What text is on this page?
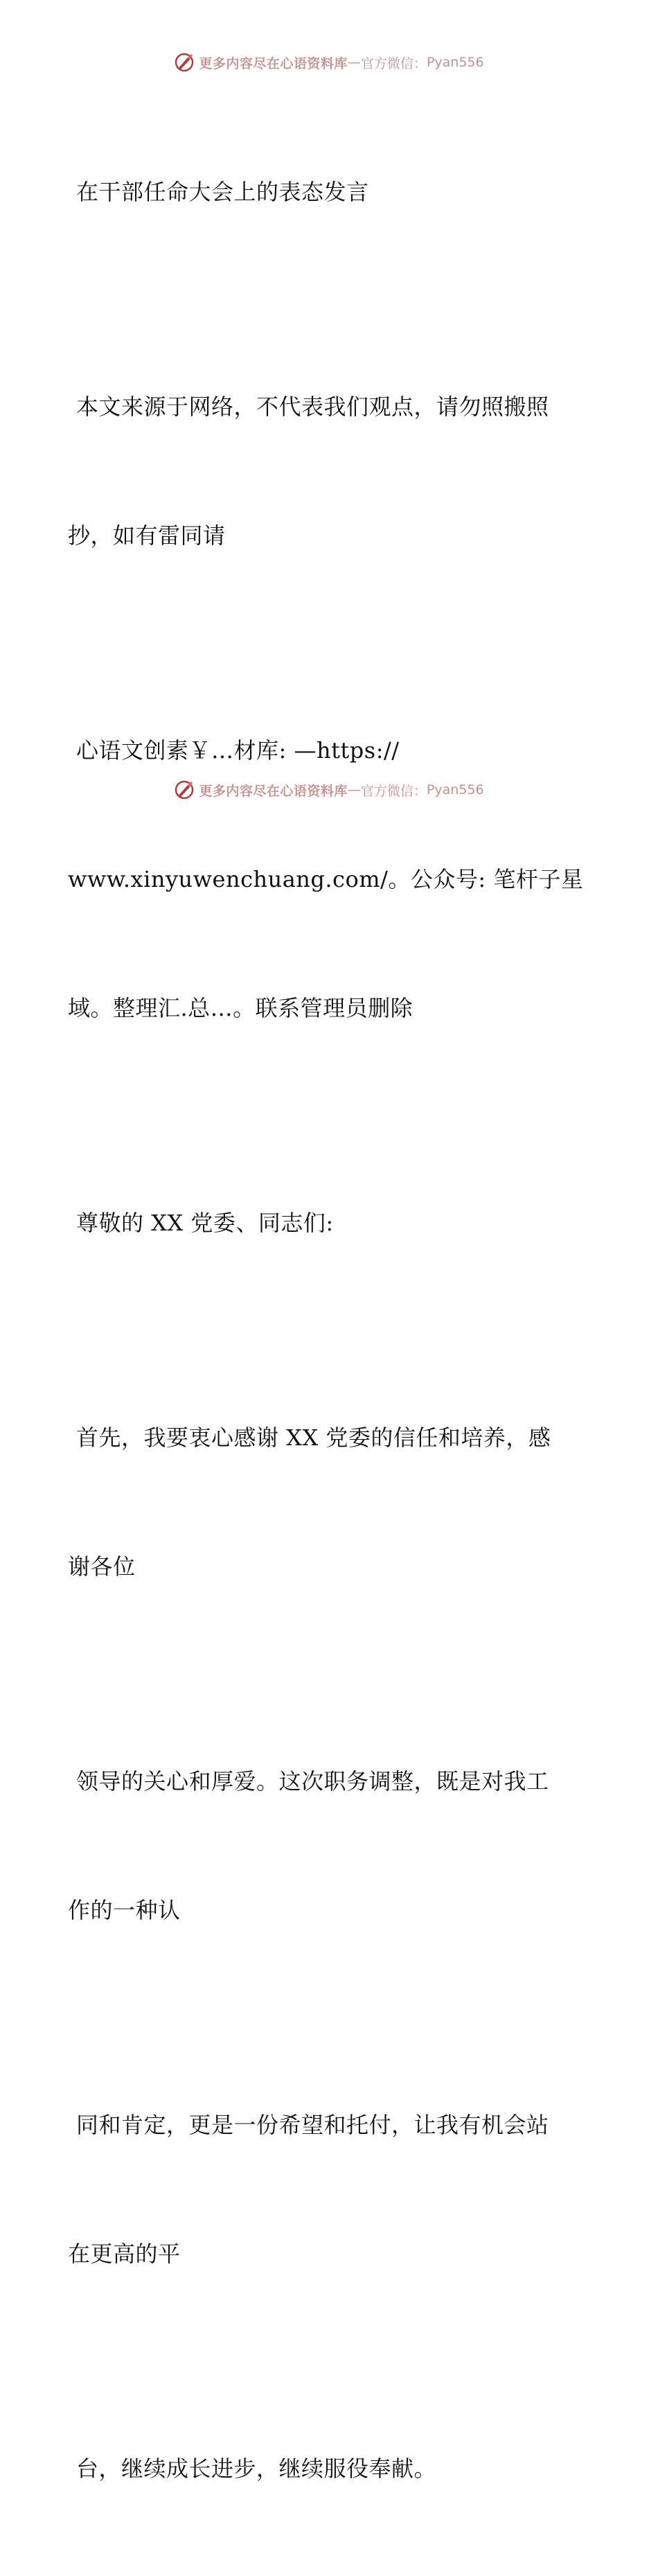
更多内容尽在心语资料库 — 官方微信： Pyan556

在干部任命大会上的表态发言

本文来源于网络，不代表我们观点，请勿照搬照

抄，如有雷同请

心语文创素￥…材库: —https://

www.xinyuwenchuang.com/。公众号: 笔杆子星

域。整理汇.总…。联系管理员删除

尊敬的 XX 党委、同志们:

首先，我要衷心感谢 XX 党委的信任和培养，感

谢各位

领导的关心和厚爱。这次职务调整，既是对我工

作的一种认

同和肯定，更是一份希望和托付，让我有机会站

在更高的平

台，继续成长进步，继续服役奉献。

更多内容尽在心语资料库 — 官方微信： Pyan556
